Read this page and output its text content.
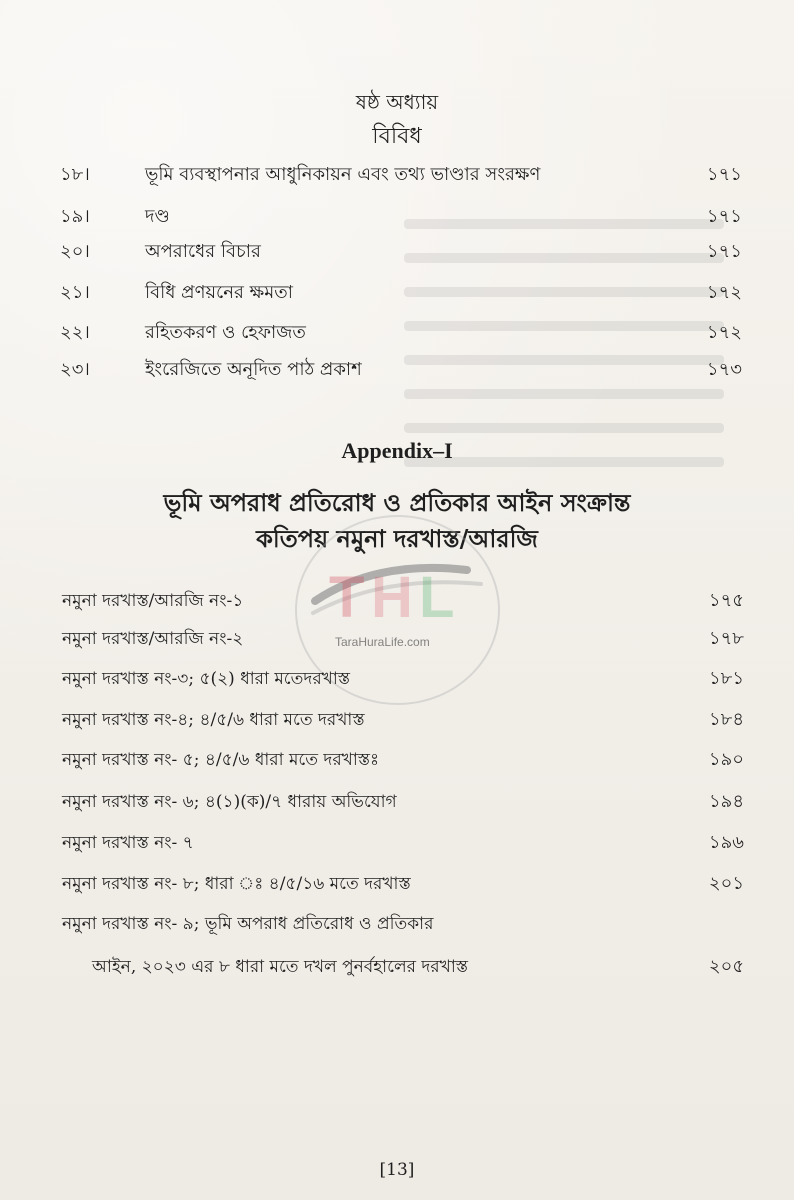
ষষ্ঠ অধ্যায়
বিবিধ
১৮।	ভূমি ব্যবস্থাপনার আধুনিকায়ন এবং তথ্য ভাণ্ডার সংরক্ষণ	১৭১
১৯।	দণ্ড	১৭১
২০।	অপরাধের বিচার	১৭১
২১।	বিধি প্রণয়নের ক্ষমতা	১৭২
২২।	রহিতকরণ ও হেফাজত	১৭২
২৩।	ইংরেজিতে অনূদিত পাঠ প্রকাশ	১৭৩
Appendix–I
ভূমি অপরাধ প্রতিরোধ ও প্রতিকার আইন সংক্রান্ত
কতিপয় নমুনা দরখাস্ত/আরজি
T H L
TaraHuraLife.com
নমুনা দরখাস্ত/আরজি নং-১	১৭৫
নমুনা দরখাস্ত/আরজি নং-২	১৭৮
নমুনা দরখাস্ত নং-৩; ৫(২) ধারা মতেদরখাস্ত	১৮১
নমুনা দরখাস্ত নং-৪; ৪/৫/৬ ধারা মতে দরখাস্ত	১৮৪
নমুনা দরখাস্ত নং- ৫; ৪/৫/৬ ধারা মতে দরখাস্তঃ	১৯০
নমুনা দরখাস্ত নং- ৬; ৪(১)(ক)/৭ ধারায় অভিযোগ	১৯৪
নমুনা দরখাস্ত নং- ৭	১৯৬
নমুনা দরখাস্ত নং- ৮; ধারা ঃ ৪/৫/১৬ মতে দরখাস্ত	২০১
নমুনা দরখাস্ত নং- ৯; ভূমি অপরাধ প্রতিরোধ ও প্রতিকার
আইন, ২০২৩ এর ৮ ধারা মতে দখল পুনর্বহালের দরখাস্ত	২০৫
[13]
